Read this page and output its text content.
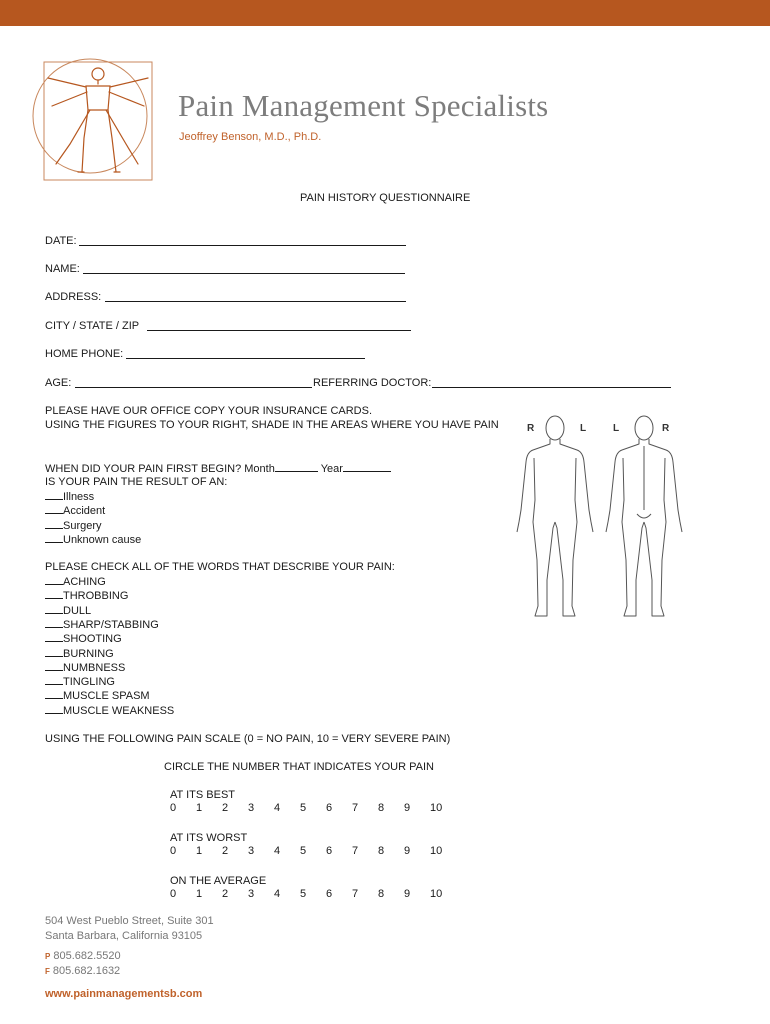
Pain Management Specialists
Jeoffrey Benson, M.D., Ph.D.
PAIN HISTORY QUESTIONNAIRE
DATE:
NAME:
ADDRESS:
CITY / STATE / ZIP
HOME PHONE:
AGE:	REFERRING DOCTOR:
PLEASE HAVE OUR OFFICE COPY YOUR INSURANCE CARDS.
USING THE FIGURES TO YOUR RIGHT, SHADE IN THE AREAS WHERE YOU HAVE PAIN	R	L	L	R
WHEN DID YOUR PAIN FIRST BEGIN? Month	Year
IS YOUR PAIN THE RESULT OF AN:
Illness
Accident
Surgery
Unknown cause
PLEASE CHECK ALL OF THE WORDS THAT DESCRIBE YOUR PAIN:
ACHING
THROBBING
DULL
SHARP/STABBING
SHOOTING
BURNING
NUMBNESS
TINGLING
MUSCLE SPASM
MUSCLE WEAKNESS
USING THE FOLLOWING PAIN SCALE (0 = NO PAIN, 10 = VERY SEVERE PAIN)
CIRCLE THE NUMBER THAT INDICATES YOUR PAIN
AT ITS BEST
0 1 2 3 4 5 6 7 8 9 10
AT ITS WORST
0 1 2 3 4 5 6 7 8 9 10
ON THE AVERAGE
0 1 2 3 4 5 6 7 8 9 10
504 West Pueblo Street, Suite 301
Santa Barbara, California 93105
P 805.682.5520
F 805.682.1632
www.painmanagementsb.com
